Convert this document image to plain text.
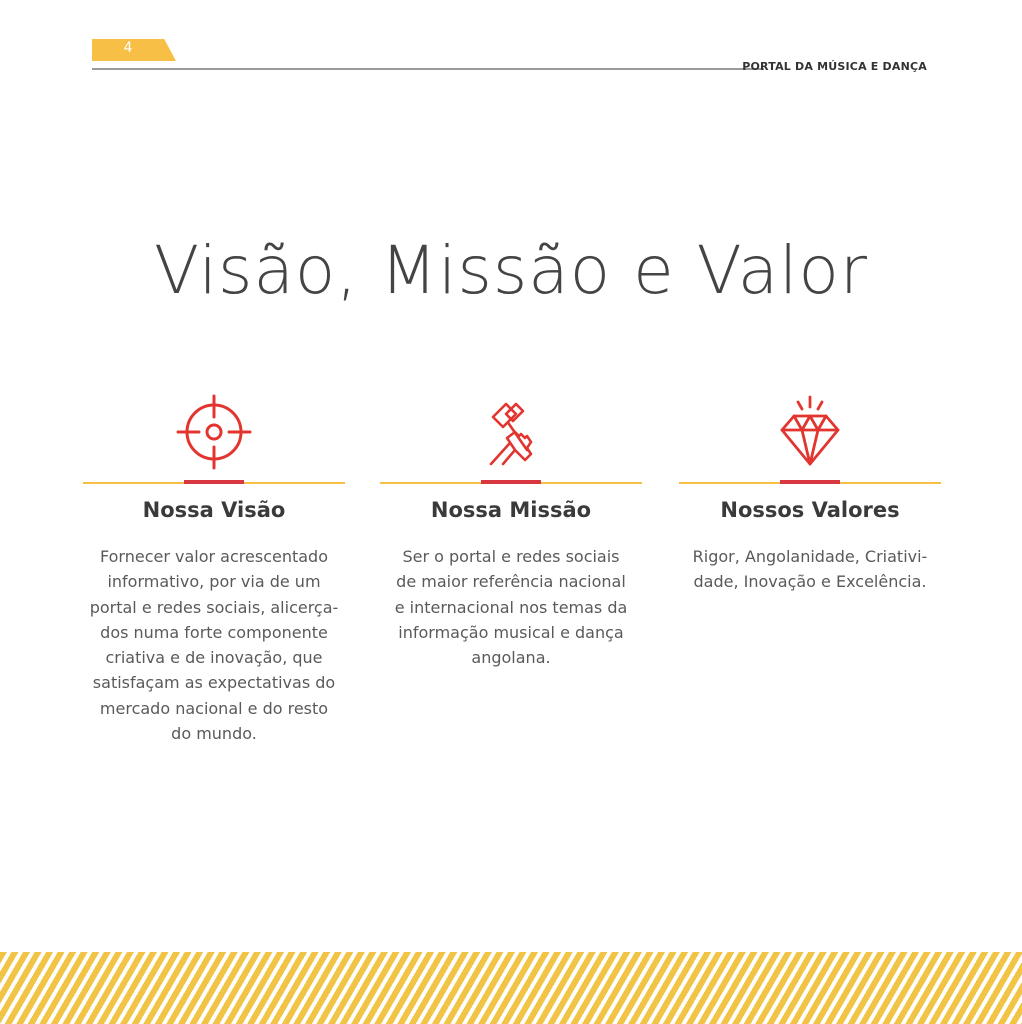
4
PORTAL DA MÚSICA E DANÇA
Visão, Missão e Valor
Nossa Visão
Fornecer valor acrescentado
informativo, por via de um
portal e redes sociais, alicerça-
dos numa forte componente
criativa e de inovação, que
satisfaçam as expectativas do
mercado nacional e do resto
do mundo.
Nossa Missão
Ser o portal e redes sociais
de maior referência nacional
e internacional nos temas da
informação musical e dança
angolana.
Nossos Valores
Rigor, Angolanidade, Criativi-
dade, Inovação e Excelência.
